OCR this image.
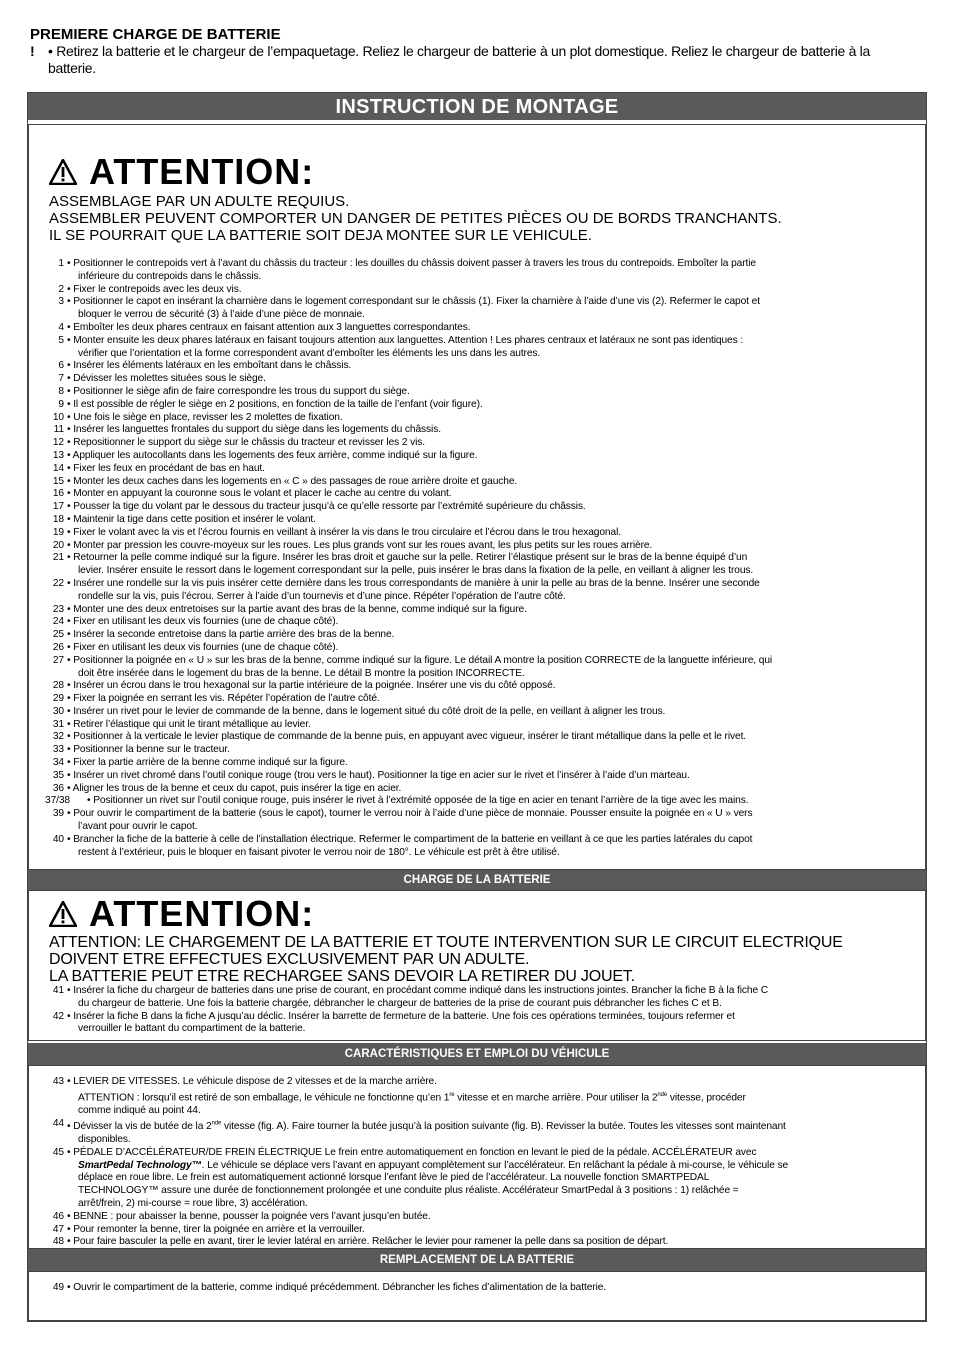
PREMIERE CHARGE DE BATTERIE
! • Retirez la batterie et le chargeur de l’empaquetage. Reliez le chargeur de batterie à un plot domestique. Reliez le chargeur de batterie à la batterie.
INSTRUCTION DE MONTAGE
ATTENTION:
ASSEMBLAGE PAR UN ADULTE REQUIUS.
ASSEMBLER PEUVENT COMPORTER UN DANGER DE PETITES PIÈCES OU DE BORDS TRANCHANTS.
IL SE POURRAIT QUE LA BATTERIE SOIT DEJA MONTEE SUR LE VEHICULE.
1 • Positionner le contrepoids vert à l’avant du châssis du tracteur : les douilles du châssis doivent passer à travers les trous du contrepoids. Emboîter la partie
inférieure du contrepoids dans le châssis.
2 • Fixer le contrepoids avec les deux vis.
3 • Positionner le capot en insérant la charnière dans le logement correspondant sur le châssis (1). Fixer la charnière à l’aide d’une vis (2). Refermer le capot et
bloquer le verrou de sécurité (3) à l’aide d’une pièce de monnaie.
4 • Emboîter les deux phares centraux en faisant attention aux 3 languettes correspondantes.
5 • Monter ensuite les deux phares latéraux en faisant toujours attention aux languettes. Attention ! Les phares centraux et latéraux ne sont pas identiques :
vérifier que l’orientation et la forme correspondent avant d’emboîter les éléments les uns dans les autres.
6 • Insérer les éléments latéraux en les emboîtant dans le châssis.
7 • Dévisser les molettes situées sous le siège.
8 • Positionner le siège afin de faire correspondre les trous du support du siège.
9 • Il est possible de régler le siège en 2 positions, en fonction de la taille de l’enfant (voir figure).
10 • Une fois le siège en place, revisser les 2 molettes de fixation.
11 • Insérer les languettes frontales du support du siège dans les logements du châssis.
12 • Repositionner le support du siège sur le châssis du tracteur et revisser les 2 vis.
13 • Appliquer les autocollants dans les logements des feux arrière, comme indiqué sur la figure.
14 • Fixer les feux en procédant de bas en haut.
15 • Monter les deux caches dans les logements en « C » des passages de roue arrière droite et gauche.
16 • Monter en appuyant la couronne sous le volant et placer le cache au centre du volant.
17 • Pousser la tige du volant par le dessous du tracteur jusqu’à ce qu’elle ressorte par l’extrémité supérieure du châssis.
18 • Maintenir la tige dans cette position et insérer le volant.
19 • Fixer le volant avec la vis et l’écrou fournis en veillant à insérer la vis dans le trou circulaire et l’écrou dans le trou hexagonal.
20 • Monter par pression les couvre-moyeux sur les roues. Les plus grands vont sur les roues avant, les plus petits sur les roues arrière.
21 • Retourner la pelle comme indiqué sur la figure. Insérer les bras droit et gauche sur la pelle. Retirer l’élastique présent sur le bras de la benne équipé d’un
levier. Insérer ensuite le ressort dans le logement correspondant sur la pelle, puis insérer le bras dans la fixation de la pelle, en veillant à aligner les trous.
22 • Insérer une rondelle sur la vis puis insérer cette dernière dans les trous correspondants de manière à unir la pelle au bras de la benne. Insérer une seconde
rondelle sur la vis, puis l’écrou. Serrer à l’aide d’un tournevis et d’une pince. Répéter l’opération de l’autre côté.
23 • Monter une des deux entretoises sur la partie avant des bras de la benne, comme indiqué sur la figure.
24 • Fixer en utilisant les deux vis fournies (une de chaque côté).
25 • Insérer la seconde entretoise dans la partie arrière des bras de la benne.
26 • Fixer en utilisant les deux vis fournies (une de chaque côté).
27 • Positionner la poignée en « U » sur les bras de la benne, comme indiqué sur la figure. Le détail A montre la position CORRECTE de la languette inférieure, qui
doit être insérée dans le logement du bras de la benne. Le détail B montre la position INCORRECTE.
28 • Insérer un écrou dans le trou hexagonal sur la partie intérieure de la poignée. Insérer une vis du côté opposé.
29 • Fixer la poignée en serrant les vis. Répéter l’opération de l’autre côté.
30 • Insérer un rivet pour le levier de commande de la benne, dans le logement situé du côté droit de la pelle, en veillant à aligner les trous.
31 • Retirer l’élastique qui unit le tirant métallique au levier.
32 • Positionner à la verticale le levier plastique de commande de la benne puis, en appuyant avec vigueur, insérer le tirant métallique dans la pelle et le rivet.
33 • Positionner la benne sur le tracteur.
34 • Fixer la partie arrière de la benne comme indiqué sur la figure.
35 • Insérer un rivet chromé dans l’outil conique rouge (trou vers le haut). Positionner la tige en acier sur le rivet et l’insérer à l’aide d’un marteau.
36 • Aligner les trous de la benne et ceux du capot, puis insérer la tige en acier.
37/38	• Positionner un rivet sur l’outil conique rouge, puis insérer le rivet à l’extrémité opposée de la tige en acier en tenant l’arrière de la tige avec les mains.
39 • Pour ouvrir le compartiment de la batterie (sous le capot), tourner le verrou noir à l’aide d’une pièce de monnaie. Pousser ensuite la poignée en « U » vers
l’avant pour ouvrir le capot.
40 • Brancher la fiche de la batterie à celle de l’installation électrique. Refermer le compartiment de la batterie en veillant à ce que les parties latérales du capot
restent à l’extérieur, puis le bloquer en faisant pivoter le verrou noir de 180°. Le véhicule est prêt à être utilisé.
CHARGE DE LA BATTERIE
ATTENTION:
ATTENTION: LE CHARGEMENT DE LA BATTERIE ET TOUTE INTERVENTION SUR LE CIRCUIT ELECTRIQUE
DOIVENT ETRE EFFECTUES EXCLUSIVEMENT PAR UN ADULTE.
LA BATTERIE PEUT ETRE RECHARGEE SANS DEVOIR LA RETIRER DU JOUET.
41 • Insérer la fiche du chargeur de batteries dans une prise de courant, en procédant comme indiqué dans les instructions jointes. Brancher la fiche B à la fiche C
du chargeur de batterie. Une fois la batterie chargée, débrancher le chargeur de batteries de la prise de courant puis débrancher les fiches C et B.
42 • Insérer la fiche B dans la fiche A jusqu’au déclic. Insérer la barrette de fermeture de la batterie. Une fois ces opérations terminées, toujours refermer et
verrouiller le battant du compartiment de la batterie.
CARACTÉRISTIQUES ET EMPLOI DU VÉHICULE
43 • LEVIER DE VITESSES. Le véhicule dispose de 2 vitesses et de la marche arrière.
ATTENTION : lorsqu’il est retiré de son emballage, le véhicule ne fonctionne qu’en 1re vitesse et en marche arrière. Pour utiliser la 2nde vitesse, procéder
comme indiqué au point 44.
44 • Dévisser la vis de butée de la 2nde vitesse (fig. A). Faire tourner la butée jusqu’à la position suivante (fig. B). Revisser la butée. Toutes les vitesses sont maintenant
disponibles.
45 • PÉDALE D’ACCÉLÉRATEUR/DE FREIN ÉLECTRIQUE Le frein entre automatiquement en fonction en levant le pied de la pédale. ACCÉLÉRATEUR avec
SmartPedal Technology™. Le véhicule se déplace vers l’avant en appuyant complètement sur l’accélérateur. En relâchant la pédale à mi-course, le véhicule se
déplace en roue libre. Le frein est automatiquement actionné lorsque l’enfant lève le pied de l’accélérateur. La nouvelle fonction SMARTPEDAL
TECHNOLOGY™ assure une durée de fonctionnement prolongée et une conduite plus réaliste. Accélérateur SmartPedal à 3 positions : 1) relâchée =
arrêt/frein, 2) mi-course = roue libre, 3) accélération.
46 • BENNE : pour abaisser la benne, pousser la poignée vers l’avant jusqu’en butée.
47 • Pour remonter la benne, tirer la poignée en arrière et la verrouiller.
48 • Pour faire basculer la pelle en avant, tirer le levier latéral en arrière. Relâcher le levier pour ramener la pelle dans sa position de départ.
REMPLACEMENT DE LA BATTERIE
49 • Ouvrir le compartiment de la batterie, comme indiqué précédemment. Débrancher les fiches d’alimentation de la batterie.
